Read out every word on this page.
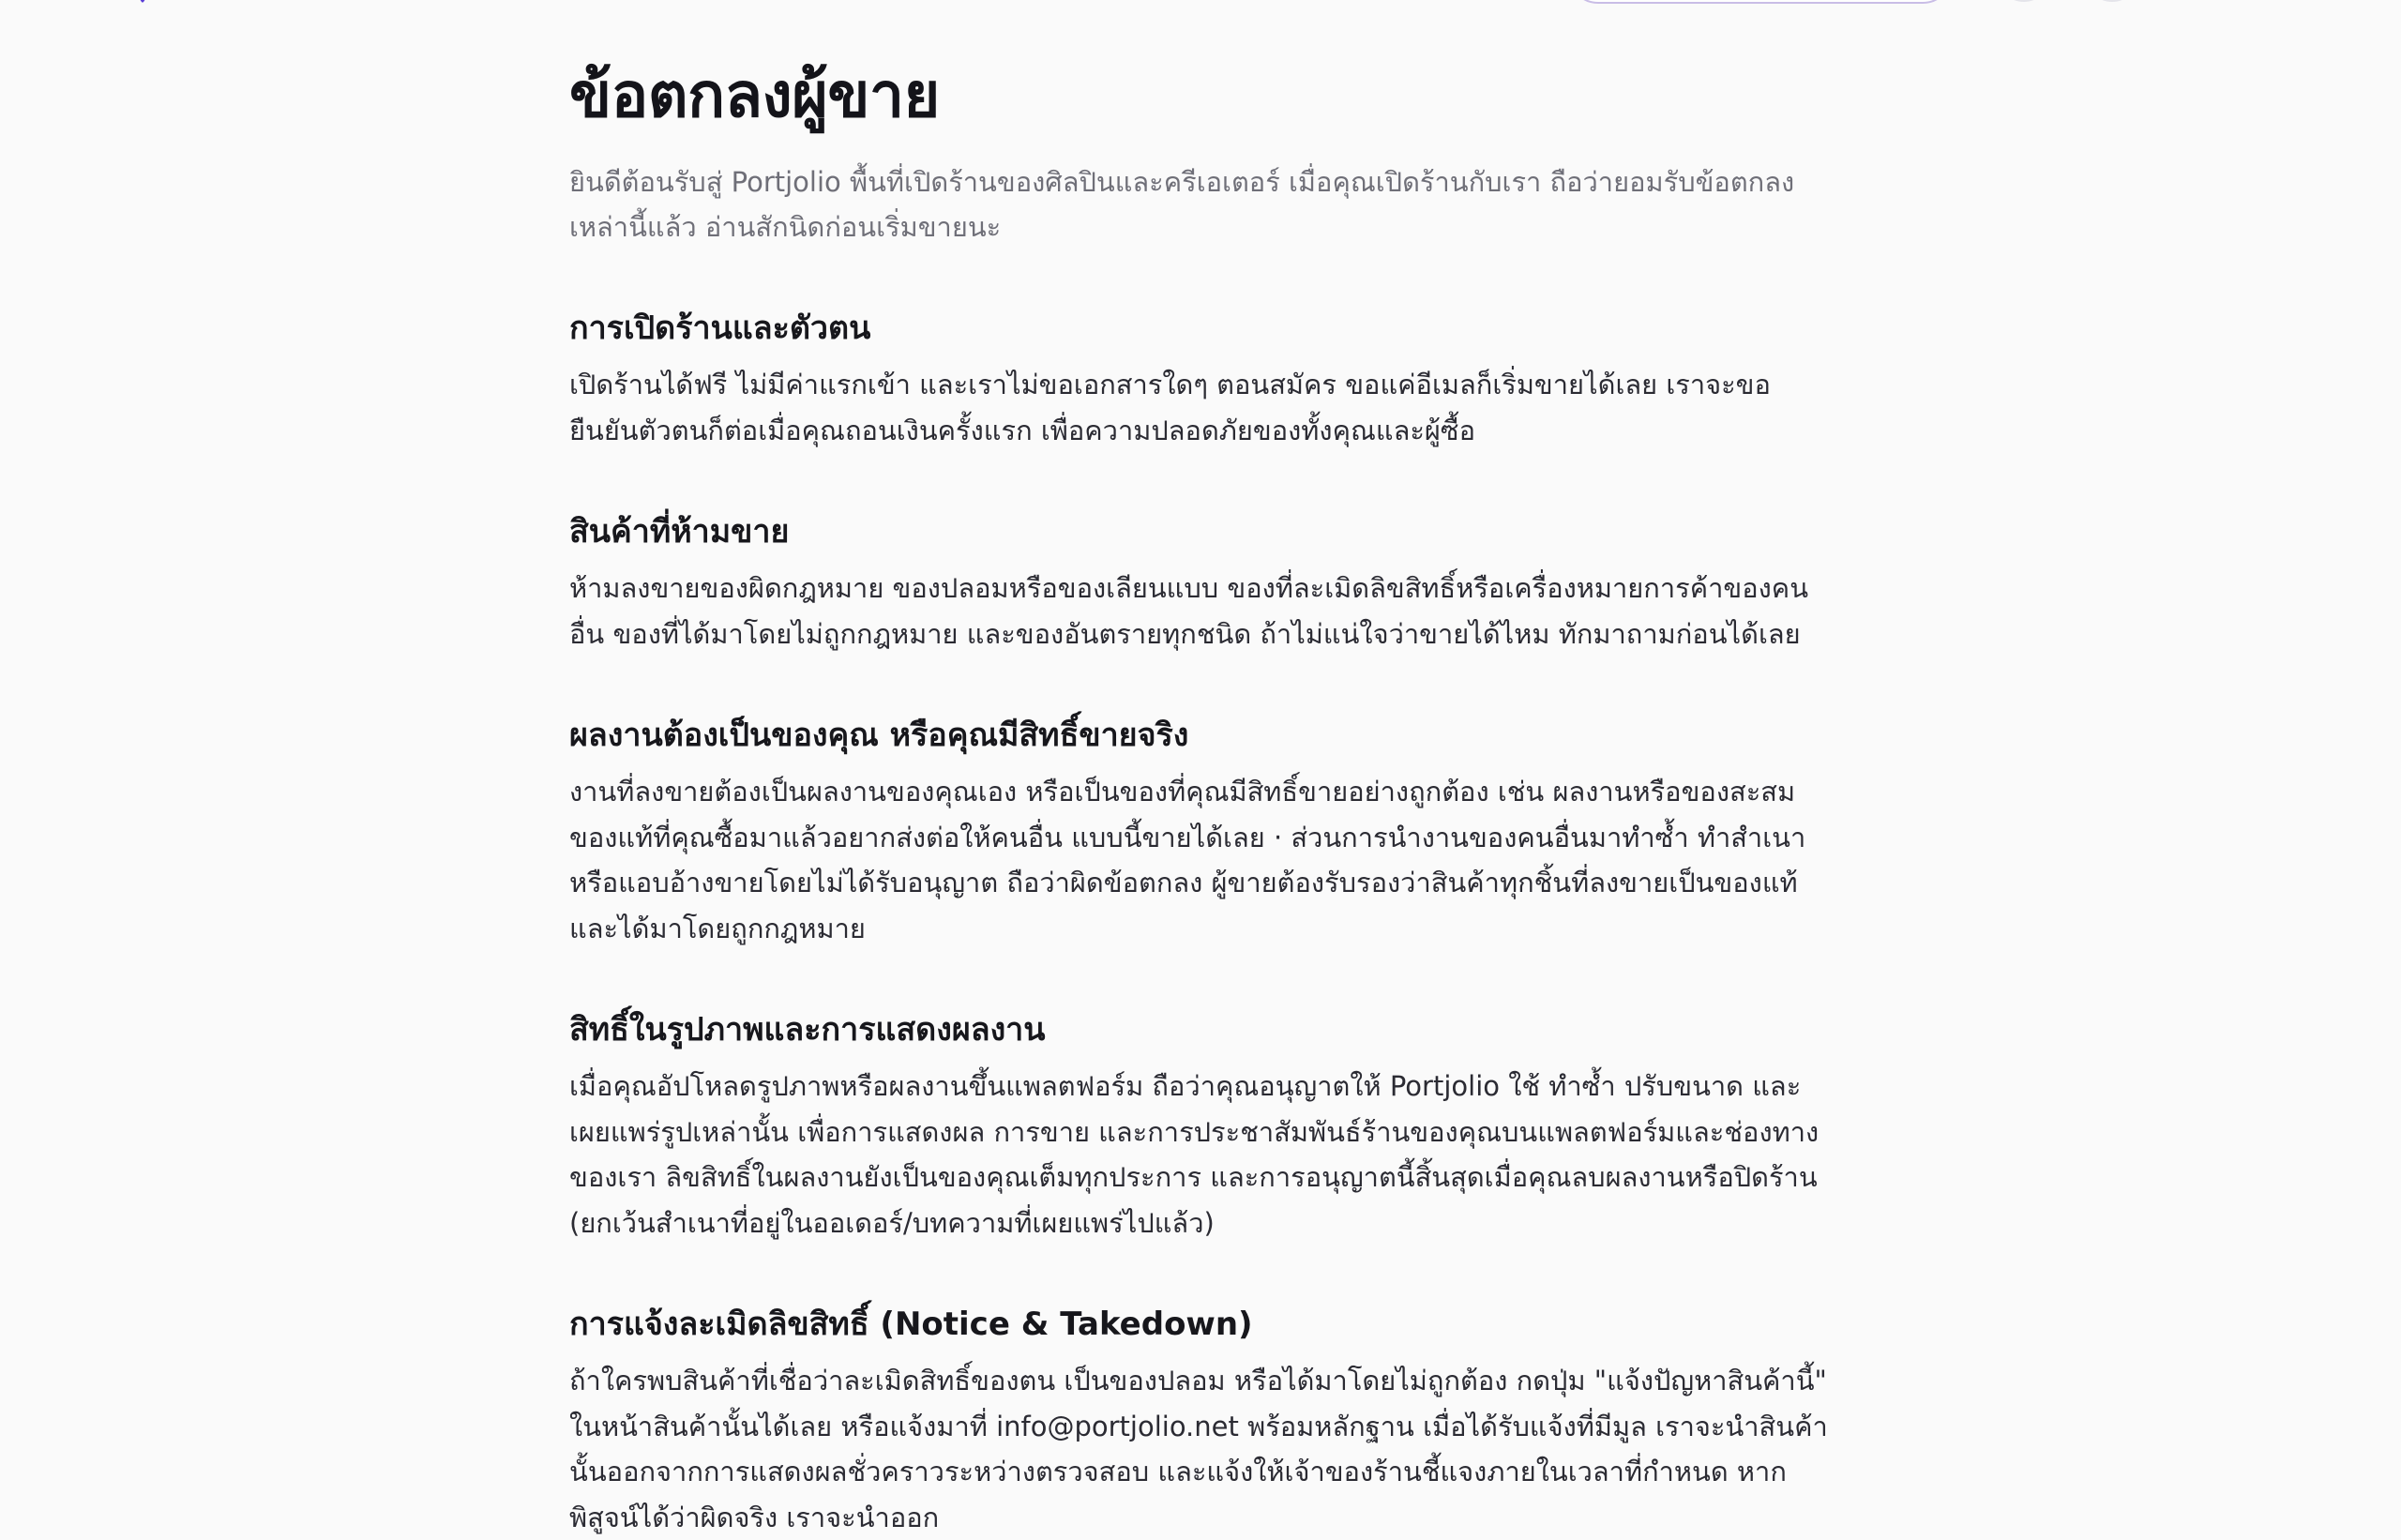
ข้อตกลงผู้ขาย

ยินดีต้อนรับสู่ Portjolio พื้นที่เปิดร้านของศิลปินและครีเอเตอร์ เมื่อคุณเปิดร้านกับเรา ถือว่ายอมรับข้อตกลงเหล่านี้แล้ว อ่านสักนิดก่อนเริ่มขายนะ

การเปิดร้านและตัวตน

เปิดร้านได้ฟรี ไม่มีค่าแรกเข้า และเราไม่ขอเอกสารใดๆ ตอนสมัคร ขอแค่อีเมลก็เริ่มขายได้เลย เราจะขอยืนยันตัวตนก็ต่อเมื่อคุณถอนเงินครั้งแรก เพื่อความปลอดภัยของทั้งคุณและผู้ซื้อ

สินค้าที่ห้ามขาย

ห้ามลงขายของผิดกฎหมาย ของปลอมหรือของเลียนแบบ ของที่ละเมิดลิขสิทธิ์หรือเครื่องหมายการค้าของคนอื่น ของที่ได้มาโดยไม่ถูกกฎหมาย และของอันตรายทุกชนิด ถ้าไม่แน่ใจว่าขายได้ไหม ทักมาถามก่อนได้เลย

ผลงานต้องเป็นของคุณ หรือคุณมีสิทธิ์ขายจริง

งานที่ลงขายต้องเป็นผลงานของคุณเอง หรือเป็นของที่คุณมีสิทธิ์ขายอย่างถูกต้อง เช่น ผลงานหรือของสะสมของแท้ที่คุณซื้อมาแล้วอยากส่งต่อให้คนอื่น แบบนี้ขายได้เลย · ส่วนการนำงานของคนอื่นมาทำซ้ำ ทำสำเนา หรือแอบอ้างขายโดยไม่ได้รับอนุญาต ถือว่าผิดข้อตกลง ผู้ขายต้องรับรองว่าสินค้าทุกชิ้นที่ลงขายเป็นของแท้และได้มาโดยถูกกฎหมาย

สิทธิ์ในรูปภาพและการแสดงผลงาน

เมื่อคุณอัปโหลดรูปภาพหรือผลงานขึ้นแพลตฟอร์ม ถือว่าคุณอนุญาตให้ Portjolio ใช้ ทำซ้ำ ปรับขนาด และเผยแพร่รูปเหล่านั้น เพื่อการแสดงผล การขาย และการประชาสัมพันธ์ร้านของคุณบนแพลตฟอร์มและช่องทางของเรา ลิขสิทธิ์ในผลงานยังเป็นของคุณเต็มทุกประการ และการอนุญาตนี้สิ้นสุดเมื่อคุณลบผลงานหรือปิดร้าน (ยกเว้นสำเนาที่อยู่ในออเดอร์/บทความที่เผยแพร่ไปแล้ว)

การแจ้งละเมิดลิขสิทธิ์ (Notice & Takedown)

ถ้าใครพบสินค้าที่เชื่อว่าละเมิดสิทธิ์ของตน เป็นของปลอม หรือได้มาโดยไม่ถูกต้อง กดปุ่ม "แจ้งปัญหาสินค้านี้" ในหน้าสินค้านั้นได้เลย หรือแจ้งมาที่ info@portjolio.net พร้อมหลักฐาน เมื่อได้รับแจ้งที่มีมูล เราจะนำสินค้านั้นออกจากการแสดงผลชั่วคราวระหว่างตรวจสอบ และแจ้งให้เจ้าของร้านชี้แจงภายในเวลาที่กำหนด หากพิสูจน์ได้ว่าผิดจริง เราจะนำออก
